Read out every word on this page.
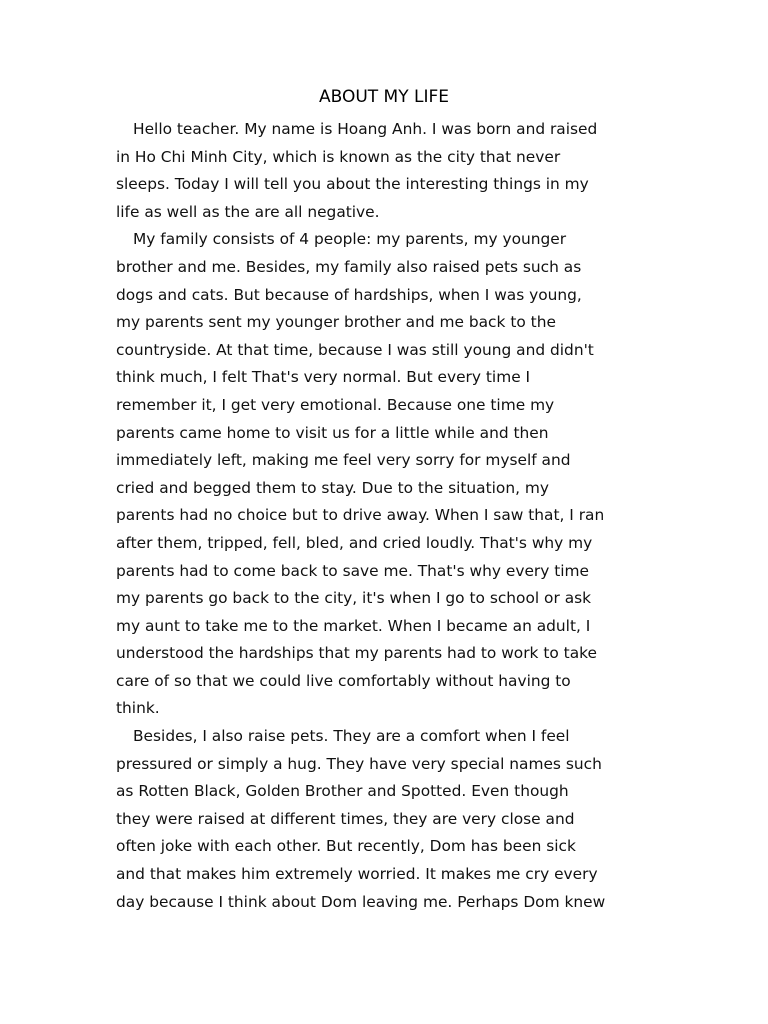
ABOUT MY LIFE
Hello teacher. My name is Hoang Anh. I was born and raised
in Ho Chi Minh City, which is known as the city that never
sleeps. Today I will tell you about the interesting things in my
life as well as the are all negative.
My family consists of 4 people: my parents, my younger
brother and me. Besides, my family also raised pets such as
dogs and cats. But because of hardships, when I was young,
my parents sent my younger brother and me back to the
countryside. At that time, because I was still young and didn't
think much, I felt That's very normal. But every time I
remember it, I get very emotional. Because one time my
parents came home to visit us for a little while and then
immediately left, making me feel very sorry for myself and
cried and begged them to stay. Due to the situation, my
parents had no choice but to drive away. When I saw that, I ran
after them, tripped, fell, bled, and cried loudly. That's why my
parents had to come back to save me. That's why every time
my parents go back to the city, it's when I go to school or ask
my aunt to take me to the market. When I became an adult, I
understood the hardships that my parents had to work to take
care of so that we could live comfortably without having to
think.
Besides, I also raise pets. They are a comfort when I feel
pressured or simply a hug. They have very special names such
as Rotten Black, Golden Brother and Spotted. Even though
they were raised at different times, they are very close and
often joke with each other. But recently, Dom has been sick
and that makes him extremely worried. It makes me cry every
day because I think about Dom leaving me. Perhaps Dom knew
